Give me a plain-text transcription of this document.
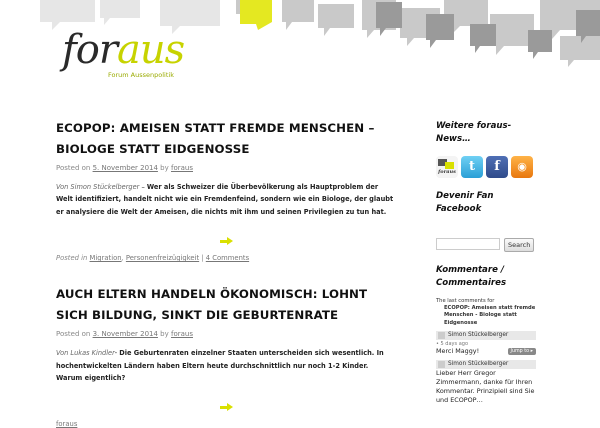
foraus
Forum Aussenpolitik
ECOPOP: AMEISEN STATT FREMDE MENSCHEN – BIOLOGE STATT EIDGENOSSE
Posted on 5. November 2014 by foraus
Von Simon Stückelberger – Wer als Schweizer die Überbevölkerung als Hauptproblem der Welt identifiziert, handelt nicht wie ein Fremdenfeind, sondern wie ein Biologe, der glaubt er analysiere die Welt der Ameisen, die nichts mit ihm und seinen Privilegien zu tun hat.
Posted in Migration, Personenfreizügigkeit | 4 Comments
AUCH ELTERN HANDELN ÖKONOMISCH: LOHNT SICH BILDUNG, SINKT DIE GEBURTENRATE
Posted on 3. November 2014 by foraus
Von Lukas Kindler- Die Geburtenraten einzelner Staaten unterscheiden sich wesentlich. In hochentwickelten Ländern haben Eltern heute durchschnittlich nur noch 1-2 Kinder. Warum eigentlich?
foraus
Weitere foraus-News…
foraus	t	f	◉
Devenir Fan Facebook
Search
Kommentare / Commentaires
The last comments for
ECOPOP: Ameisen statt fremde Menschen - Biologe statt Eidgenosse
Simon Stückelberger
• 5 days ago
Merci Maggy!	Jump to ▸
Simon Stückelberger
Lieber Herr Gregor Zimmermann, danke für Ihren Kommentar. Prinzipiell sind Sie und ECOPOP…
